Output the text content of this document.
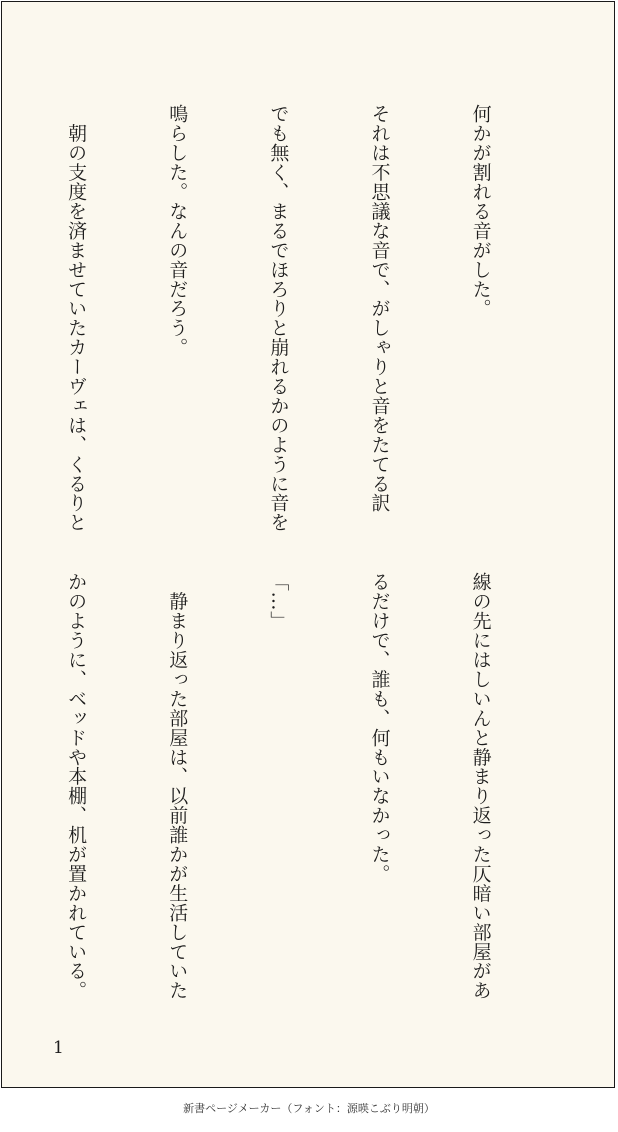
何かが割れる音がした。

それは不思議な音で、がしゃりと音をたてる訳

でも無く、まるでほろりと崩れるかのように音を

鳴らした。なんの音だろう。

　朝の支度を済ませていたカーヴェは、くるりと

線の先にはしいんと静まり返った仄暗い部屋があ

るだけで、誰も、何もいなかった。

「…」

　静まり返った部屋は、以前誰かが生活していた

かのように、ベッドや本棚、机が置かれている。

1
新書ページメーカー（フォント：源暎こぶり明朝）
